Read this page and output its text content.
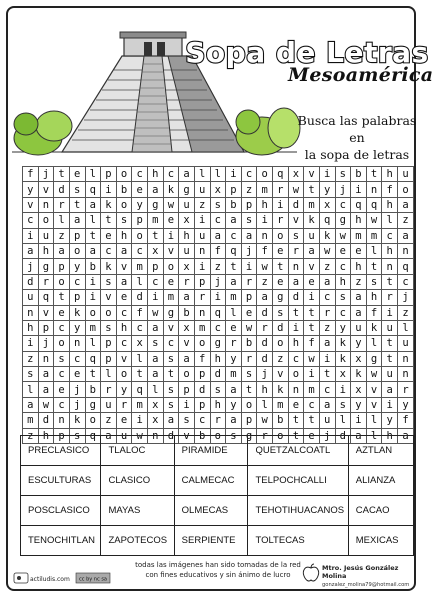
Sopa de Letras
Mesoamérica
Busca las palabras en
la sopa de letras
f	j	t	e	l	p	o	c	h	c	a	l	l	i	c	o	q	x	v	i	s	b	t	h	u
y	v	d	s	q	i	b	e	a	k	g	u	x	p	z	m	r	w	t	y	j	i	n	f	o
v	n	r	t	a	k	o	y	g	w	u	z	s	b	p	h	i	d	m	x	c	q	q	h	a
c	o	l	a	l	t	s	p	m	e	x	i	c	a	s	i	r	v	k	q	g	h	w	l	z
i	u	z	p	t	e	h	o	t	i	h	u	a	c	a	n	o	s	u	k	w	m	m	c	a
a	h	a	o	a	c	a	c	x	v	u	n	f	q	j	f	e	r	a	w	e	e	l	h	n
j	g	p	y	b	k	v	m	p	o	x	i	z	t	i	w	t	n	v	z	c	h	t	n	q
d	r	o	c	i	s	a	l	c	e	r	p	j	a	r	z	e	a	e	a	h	z	s	t	c
u	q	t	p	i	v	e	d	i	m	a	r	i	m	p	a	g	d	i	c	s	a	h	r	j
n	v	e	k	o	o	c	f	w	g	b	n	q	l	e	d	s	t	t	r	c	a	f	i	z
h	p	c	y	m	s	h	c	a	v	x	m	c	e	w	r	d	i	t	z	y	u	k	u	l
i	j	o	n	l	p	c	x	s	c	v	o	g	r	b	d	o	h	f	a	k	y	l	t	u
z	n	s	c	q	p	v	l	a	s	a	f	h	y	r	d	z	c	w	i	k	x	g	t	n
s	a	c	e	t	l	o	t	a	t	o	p	d	m	s	j	v	o	i	t	x	k	w	u	n
l	a	e	j	b	r	y	q	l	s	p	d	s	a	t	h	k	n	m	c	i	x	v	a	r
a	w	c	j	g	u	r	m	x	s	i	p	h	y	o	l	m	e	c	a	s	y	v	i	y
m	d	n	k	o	z	e	i	x	a	s	c	r	a	p	w	b	t	t	u	l	i	l	y	f
z	h	p	s	q	a	u	w	n	d	v	b	o	s	g	r	o	t	e	j	d	a	l	h	a
PRECLASICO	TLALOC	PIRAMIDE	QUETZALCOATL	AZTLAN
ESCULTURAS	CLASICO	CALMECAC	TELPOCHCALLI	ALIANZA
POSCLASICO	MAYAS	OLMECAS	TEHOTIHUACANOS	CACAO
TENOCHITLAN	ZAPOTECOS	SERPIENTE	TOLTECAS	MEXICAS
actiludis.com cc by nc sa
todas las imágenes han sido tomadas de la red
con fines educativos y sin ánimo de lucro
Mtro. Jesús González Molina
gonzalez_molina79@hotmail.com
